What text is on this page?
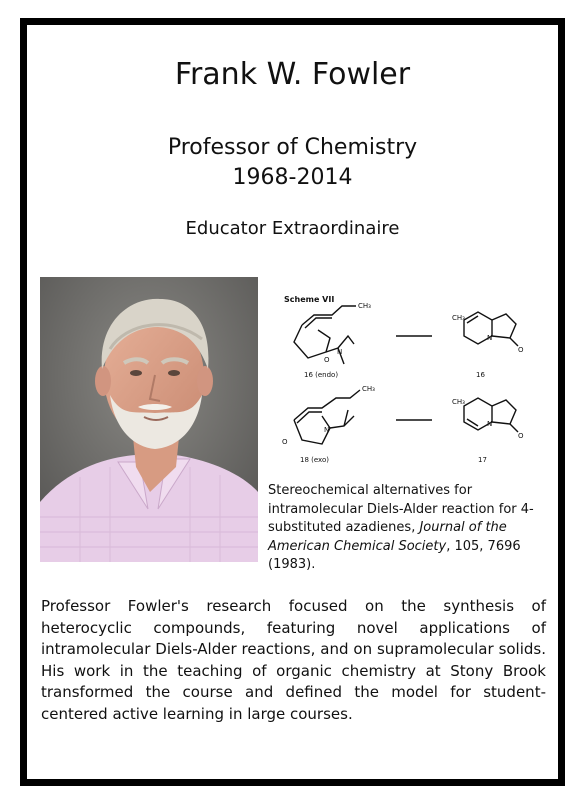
Frank W. Fowler
Professor of Chemistry
1968-2014
Educator Extraordinaire
Scheme VII
CH₃
O
N
16 (endo)
CH₃
N
O
16
CH₃
O
N
18 (exo)
CH₃
N
O
17
Stereochemical alternatives for intramolecular Diels-Alder reaction for 4-substituted azadienes, Journal of the American Chemical Society, 105, 7696 (1983).
Professor Fowler's research focused on the synthesis of heterocyclic compounds, featuring novel applications of intramolecular Diels-Alder reactions, and on supramolecular solids. His work in the teaching of organic chemistry at Stony Brook transformed the course and defined the model for student-centered active learning in large courses.
